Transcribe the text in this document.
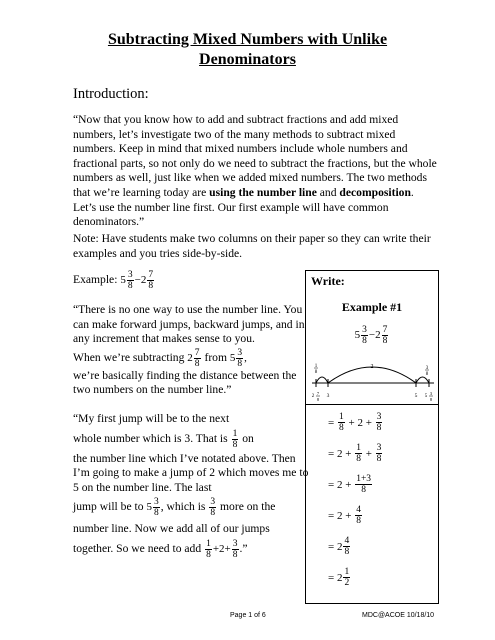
Subtracting Mixed Numbers with Unlike
Denominators
Introduction:
“Now that you know how to add and subtract fractions and add mixed numbers, let’s investigate two of the many methods to subtract mixed numbers. Keep in mind that mixed numbers include whole numbers and fractional parts, so not only do we need to subtract the fractions, but the whole numbers as well, just like when we added mixed numbers. The two methods that we’re learning today are using the number line and decomposition. Let’s use the number line first. Our first example will have common denominators.”
Note: Have students make two columns on their paper so they can write their examples and you tries side-by-side.
Example: $5 \frac{3}{8} -2 \frac{7}{8}$
“There is no one way to use the number line. You can make forward jumps, backward jumps, and in any increment that makes sense to you.
When we’re subtracting $2 \frac{7}{8}$ from $5 \frac{3}{8}$ ,
we’re basically finding the distance between the two numbers on the number line.”
“My first jump will be to the next
whole number which is 3. That is $\frac{1}{8}$ on
the number line which I’ve notated above. Then I’m going to make a jump of 2 which moves me to 5 on the number line. The last
jump will be to $5 \frac{3}{8}$ , which is $\frac{3}{8}$ more on the
number line. Now we add all of our jumps
together. So we need to add $\frac{1}{8} +2+ \frac{3}{8}$ .”
Write:
Example #1
$5 \frac{3}{8} -2 \frac{7}{8}$
1
8
2	3
8
2
7
8
3	5 5
3
8
=
$\frac{1}{8}$
+
2
+
$\frac{3}{8}$
=
2
+
$\frac{1}{8}$
+
$\frac{3}{8}$
=
2
+
$\frac{1+3}{8}$
=
2
+
$\frac{4}{8}$
=
$2 \frac{4}{8}$
=
$2 \frac{1}{2}$
Page 1 of 6	MDC@ACOE 10/18/10
